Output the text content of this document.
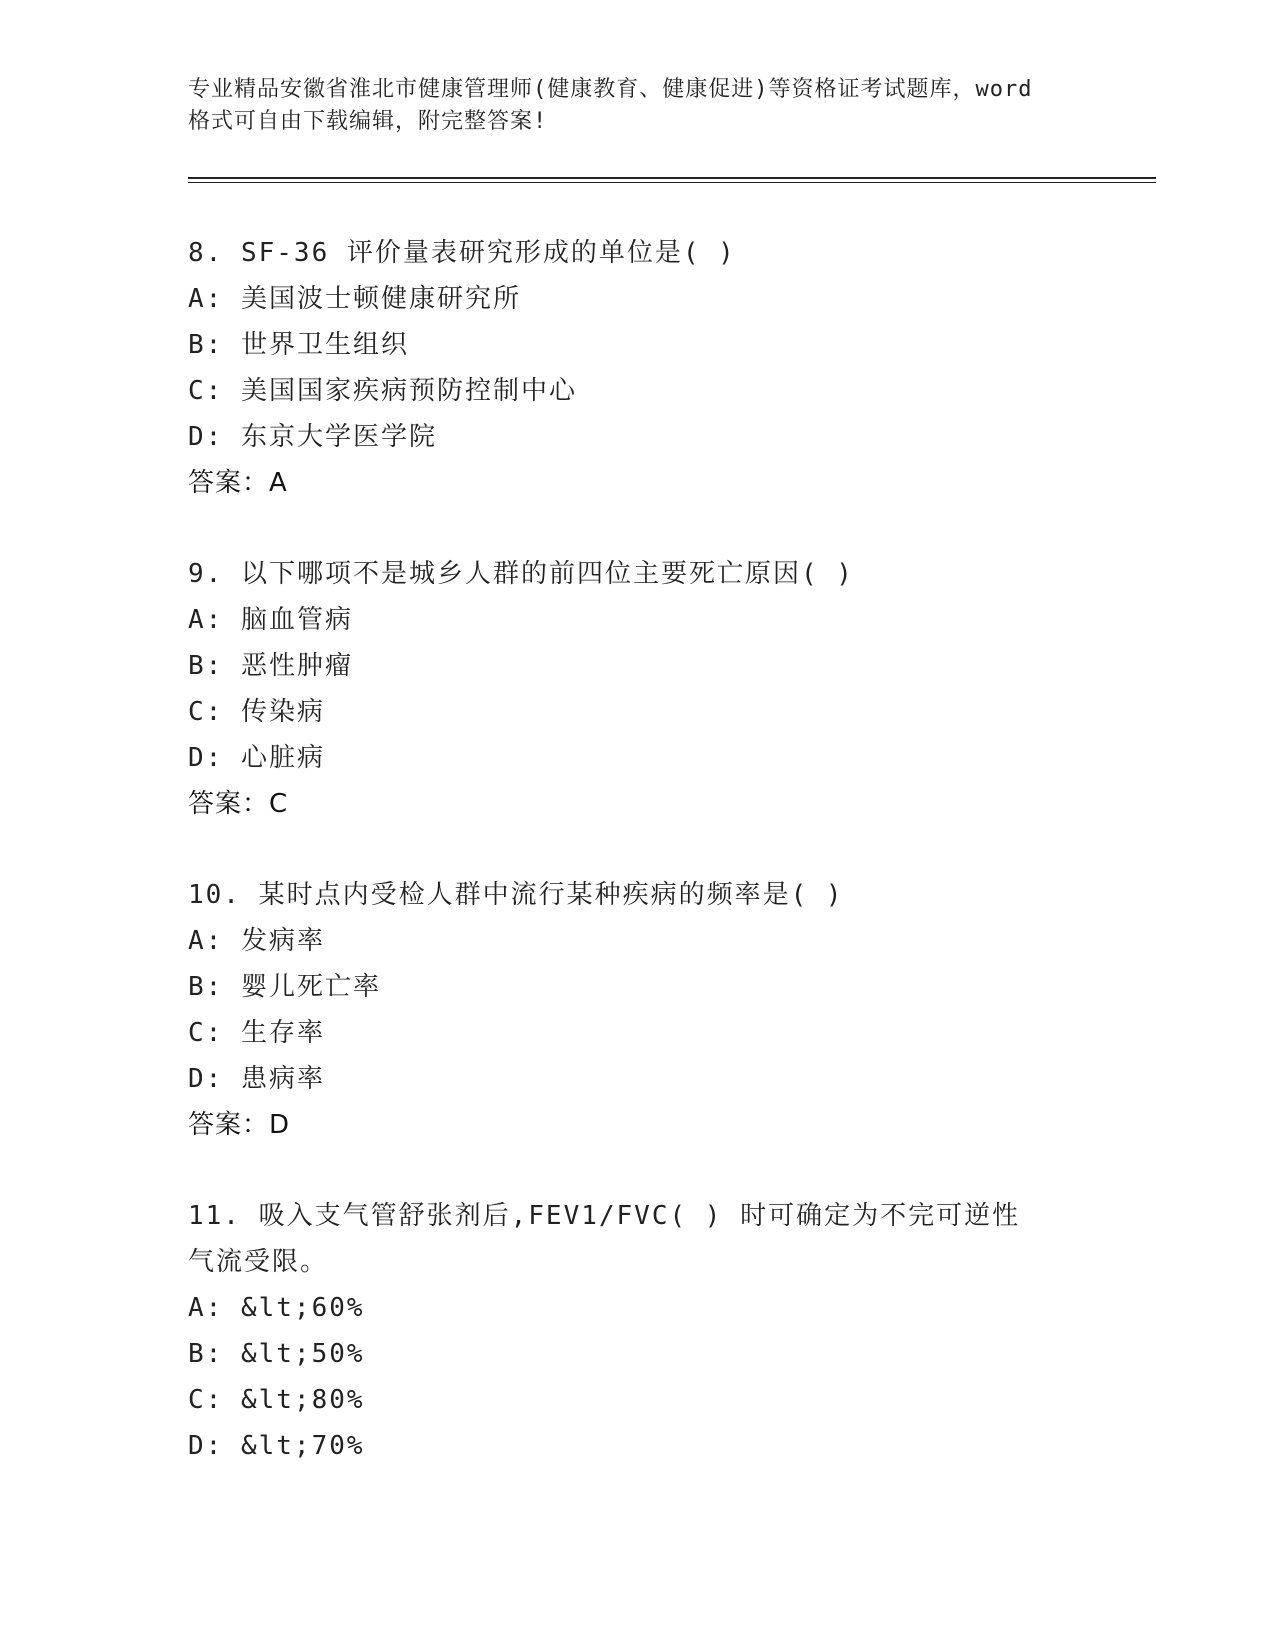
专业精品安徽省淮北市健康管理师(健康教育、健康促进)等资格证考试题库，word
格式可自由下载编辑，附完整答案!
8. SF-36 评价量表研究形成的单位是( )
A: 美国波士顿健康研究所
B: 世界卫生组织
C: 美国国家疾病预防控制中心
D: 东京大学医学院
答案：A
9. 以下哪项不是城乡人群的前四位主要死亡原因( )
A: 脑血管病
B: 恶性肿瘤
C: 传染病
D: 心脏病
答案：C
10. 某时点内受检人群中流行某种疾病的频率是( )
A: 发病率
B: 婴儿死亡率
C: 生存率
D: 患病率
答案：D
11. 吸入支气管舒张剂后,FEV1/FVC( ) 时可确定为不完可逆性
气流受限。
A: &lt;60%
B: &lt;50%
C: &lt;80%
D: &lt;70%
